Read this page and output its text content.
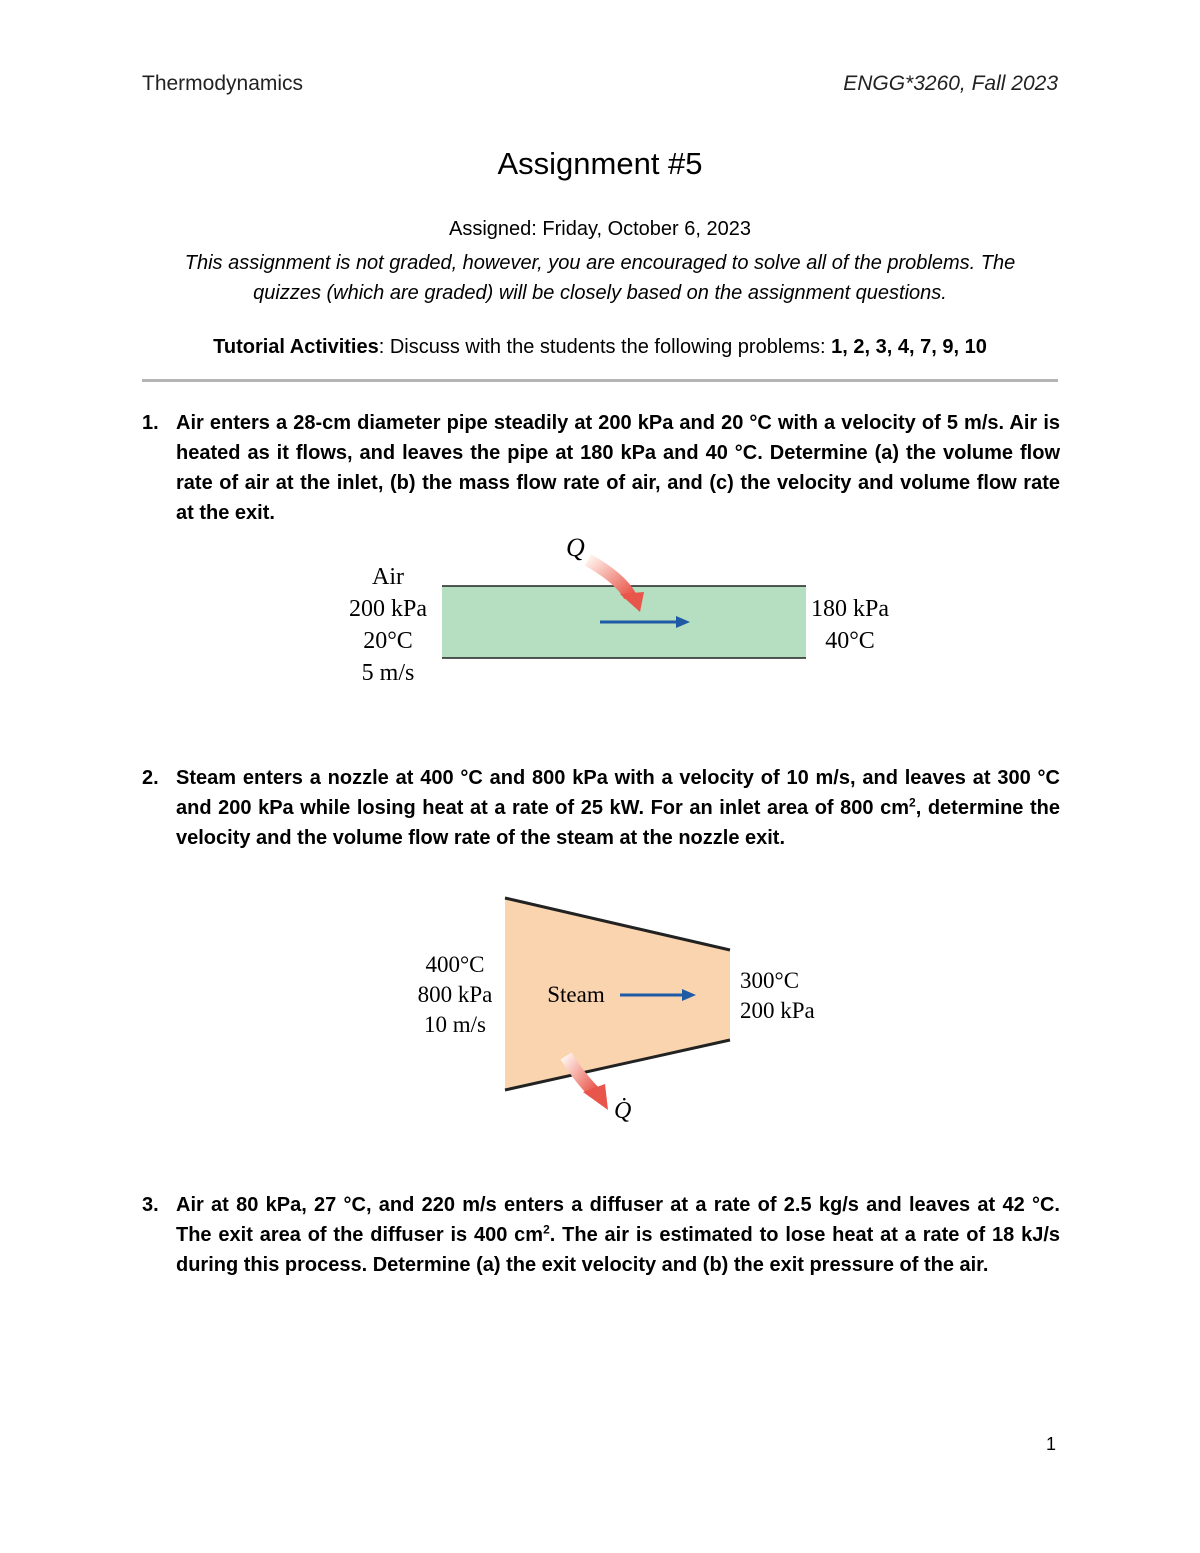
Thermodynamics	ENGG*3260, Fall 2023
Assignment #5
Assigned: Friday, October 6, 2023
This assignment is not graded, however, you are encouraged to solve all of the problems. The
quizzes (which are graded) will be closely based on the assignment questions.
Tutorial Activities: Discuss with the students the following problems: 1, 2, 3, 4, 7, 9, 10
1. Air enters a 28-cm diameter pipe steadily at 200 kPa and 20 °C with a velocity of 5 m/s. Air is heated as it flows, and leaves the pipe at 180 kPa and 40 °C. Determine (a) the volume flow rate of air at the inlet, (b) the mass flow rate of air, and (c) the velocity and volume flow rate at the exit.
Q
Air
200 kPa
20°C
5 m/s
180 kPa
40°C
2. Steam enters a nozzle at 400 °C and 800 kPa with a velocity of 10 m/s, and leaves at 300 °C and 200 kPa while losing heat at a rate of 25 kW. For an inlet area of 800 $cm^2$, determine the velocity and the volume flow rate of the steam at the nozzle exit.
400°C
800 kPa
10 m/s
Steam
300°C
200 kPa
Q̇
3. Air at 80 kPa, 27 °C, and 220 m/s enters a diffuser at a rate of 2.5 kg/s and leaves at 42 °C. The exit area of the diffuser is 400 $cm^2$. The air is estimated to lose heat at a rate of 18 kJ/s during this process. Determine (a) the exit velocity and (b) the exit pressure of the air.
1
